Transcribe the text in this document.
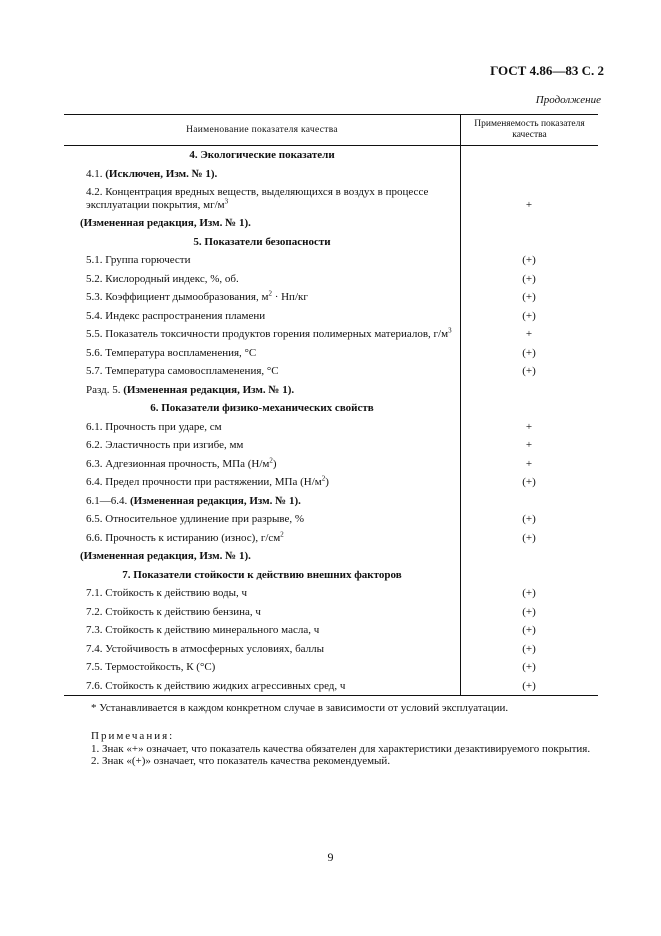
ГОСТ 4.86—83 С. 2
Продолжение
Наименование показателя качества
Применяемость показателя качества
4. Экологические показатели
4.1. (Исключен, Изм. № 1).
4.2. Концентрация вредных веществ, выделяющихся в воздух в процессе эксплуатации покрытия, $мг/м^3$	+
(Измененная редакция, Изм. № 1).
5. Показатели безопасности
5.1. Группа горючести	(+)
5.2. Кислородный индекс, %, об.	(+)
5.3. Коэффициент дымообразования, $м^2 \cdot Нп/кг$	(+)
5.4. Индекс распространения пламени	(+)
5.5. Показатель токсичности продуктов горения полимерных материалов, $г/м^3$	+
5.6. Температура воспламенения, °С	(+)
5.7. Температура самовоспламенения, °С	(+)
Разд. 5. (Измененная редакция, Изм. № 1).
6. Показатели физико-механических свойств
6.1. Прочность при ударе, см	+
6.2. Эластичность при изгибе, мм	+
6.3. Адгезионная прочность, МПа $(Н/м^2)$	+
6.4. Предел прочности при растяжении, МПа $(Н/м^2)$	(+)
6.1—6.4. (Измененная редакция, Изм. № 1).
6.5. Относительное удлинение при разрыве, %	(+)
6.6. Прочность к истиранию (износ), $г/см^2$	(+)
(Измененная редакция, Изм. № 1).
7. Показатели стойкости к действию внешних факторов
7.1. Стойкость к действию воды, ч	(+)
7.2. Стойкость к действию бензина, ч	(+)
7.3. Стойкость к действию минерального масла, ч	(+)
7.4. Устойчивость в атмосферных условиях, баллы	(+)
7.5. Термостойкость, К (°С)	(+)
7.6. Стойкость к действию жидких агрессивных сред, ч	(+)
* Устанавливается в каждом конкретном случае в зависимости от условий эксплуатации.
Примечания:
1. Знак «+» означает, что показатель качества обязателен для характеристики дезактивируемого покрытия.
2. Знак «(+)» означает, что показатель качества рекомендуемый.
9
